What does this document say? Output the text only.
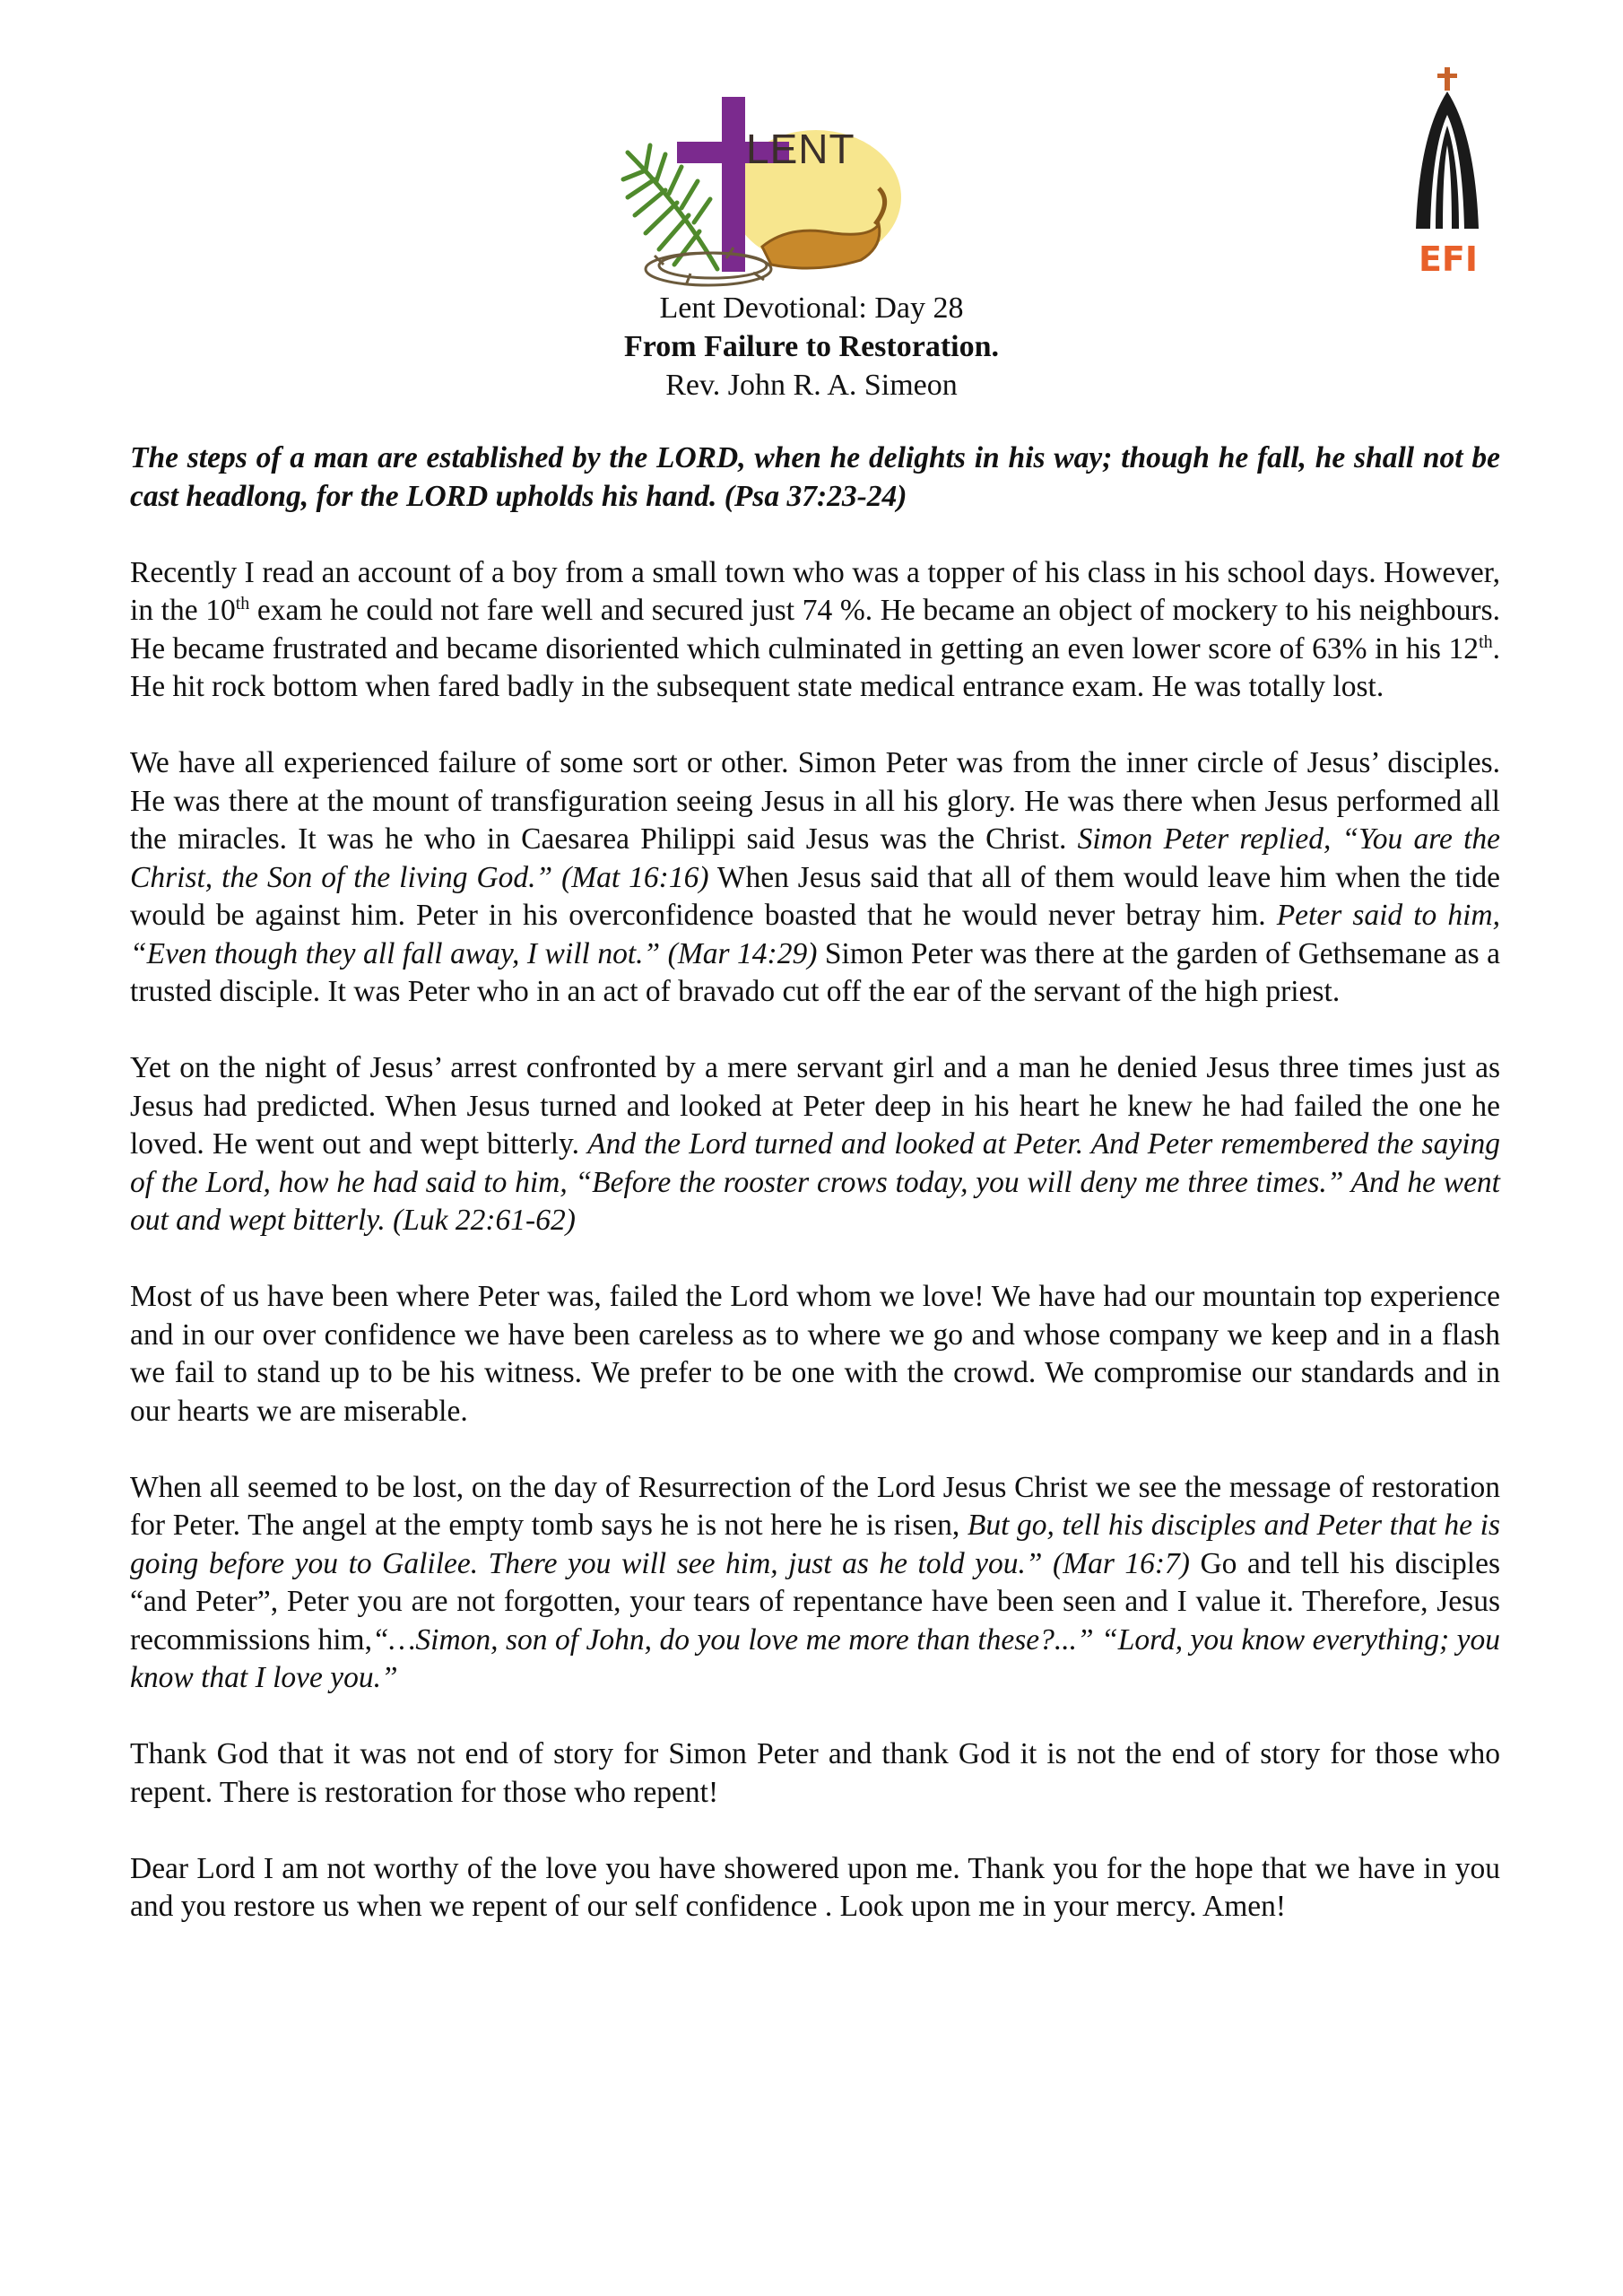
LENT
EFI
Lent Devotional: Day 28
From Failure to Restoration.
Rev. John R. A. Simeon

The steps of a man are established by the LORD, when he delights in his way; though he fall, he shall not be cast headlong, for the LORD upholds his hand. (Psa 37:23-24)

Recently I read an account of a boy from a small town who was a topper of his class in his school days. However, in the 10th exam he could not fare well and secured just 74 %. He became an object of mockery to his neighbours. He became frustrated and became disoriented which culminated in getting an even lower score of 63% in his 12th. He hit rock bottom when fared badly in the subsequent state medical entrance exam. He was totally lost.

We have all experienced failure of some sort or other. Simon Peter was from the inner circle of Jesus’ disciples. He was there at the mount of transfiguration seeing Jesus in all his glory. He was there when Jesus performed all the miracles. It was he who in Caesarea Philippi said Jesus was the Christ. Simon Peter replied, “You are the Christ, the Son of the living God.” (Mat 16:16) When Jesus said that all of them would leave him when the tide would be against him. Peter in his overconfidence boasted that he would never betray him. Peter said to him, “Even though they all fall away, I will not.” (Mar 14:29) Simon Peter was there at the garden of Gethsemane as a trusted disciple. It was Peter who in an act of bravado cut off the ear of the servant of the high priest.

Yet on the night of Jesus’ arrest confronted by a mere servant girl and a man he denied Jesus three times just as Jesus had predicted. When Jesus turned and looked at Peter deep in his heart he knew he had failed the one he loved. He went out and wept bitterly. And the Lord turned and looked at Peter. And Peter remembered the saying of the Lord, how he had said to him, “Before the rooster crows today, you will deny me three times.” And he went out and wept bitterly. (Luk 22:61-62)

Most of us have been where Peter was, failed the Lord whom we love! We have had our mountain top experience and in our over confidence we have been careless as to where we go and whose company we keep and in a flash we fail to stand up to be his witness. We prefer to be one with the crowd. We compromise our standards and in our hearts we are miserable.

When all seemed to be lost, on the day of Resurrection of the Lord Jesus Christ we see the message of restoration for Peter. The angel at the empty tomb says he is not here he is risen, But go, tell his disciples and Peter that he is going before you to Galilee. There you will see him, just as he told you.” (Mar 16:7) Go and tell his disciples “and Peter”, Peter you are not forgotten, your tears of repentance have been seen and I value it. Therefore, Jesus recommissions him,“…Simon, son of John, do you love me more than these?...” “Lord, you know everything; you know that I love you.”

Thank God that it was not end of story for Simon Peter and thank God it is not the end of story for those who repent. There is restoration for those who repent!

Dear Lord I am not worthy of the love you have showered upon me. Thank you for the hope that we have in you and you restore us when we repent of our self confidence . Look upon me in your mercy. Amen!
